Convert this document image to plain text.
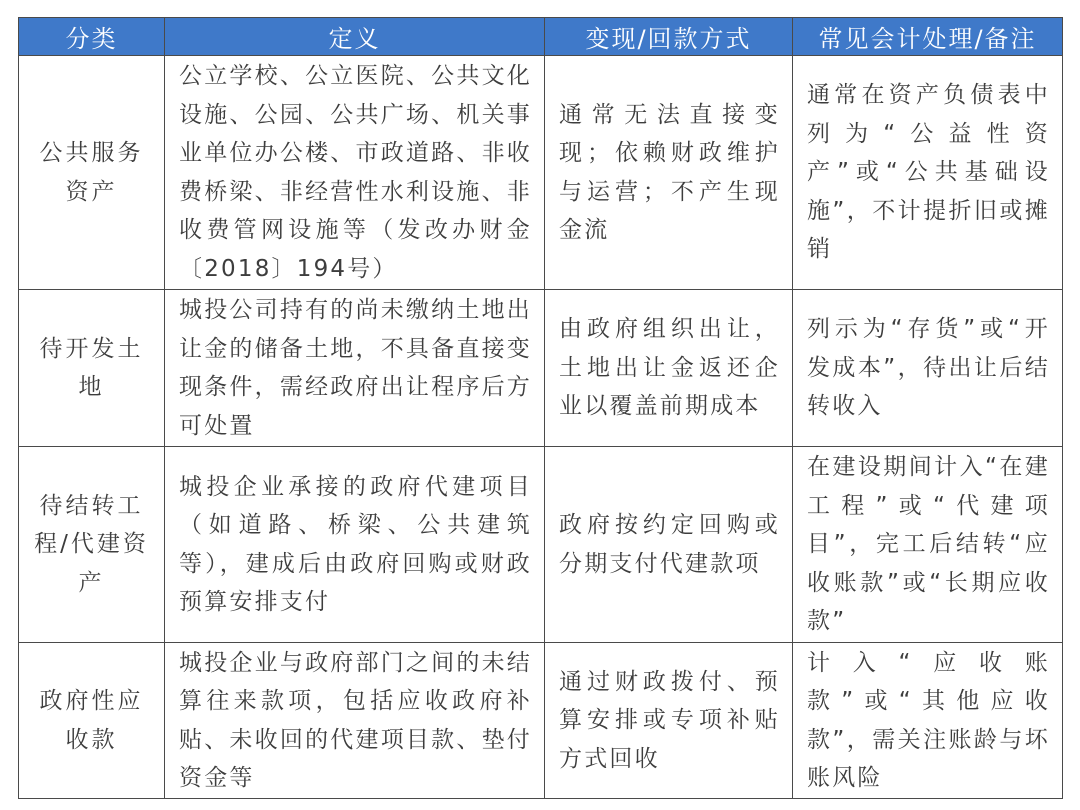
分类	定义	变现/回款方式	常见会计处理/备注
公共服务资产	公立学校、公立医院、公共文化设施、公园、公共广场、机关事业单位办公楼、市政道路、非收费桥梁、非经营性水利设施、非收费管网设施等（发改办财金〔2018〕194号）	通常无法直接变现；依赖财政维护与运营；不产生现金流	通常在资产负债表中列为“公益性资产”或“公共基础设施”，不计提折旧或摊销
待开发土地	城投公司持有的尚未缴纳土地出让金的储备土地，不具备直接变现条件，需经政府出让程序后方可处置	由政府组织出让，土地出让金返还企业以覆盖前期成本	列示为“存货”或“开发成本”，待出让后结转收入
待结转工程/代建资产	城投企业承接的政府代建项目（如道路、桥梁、公共建筑等），建成后由政府回购或财政预算安排支付	政府按约定回购或分期支付代建款项	在建设期间计入“在建工程”或“代建项目”，完工后结转“应收账款”或“长期应收款”
政府性应收款	城投企业与政府部门之间的未结算往来款项，包括应收政府补贴、未收回的代建项目款、垫付资金等	通过财政拨付、预算安排或专项补贴方式回收	计入“应收账款”或“其他应收款”，需关注账龄与坏账风险
